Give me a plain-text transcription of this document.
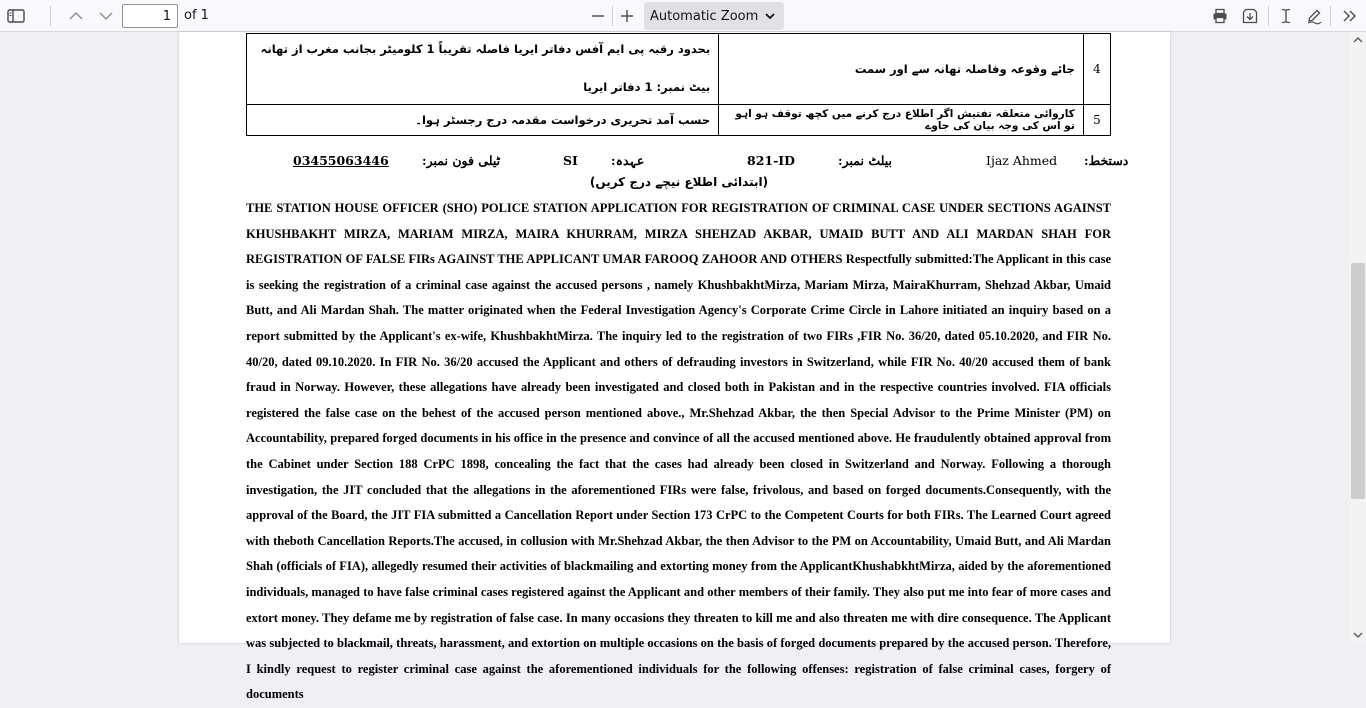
1
of 1	Automatic Zoom
بحدود رقبہ پی ایم آفس دفاتر ایریا فاصلہ تقریباً 1 کلومیٹر بجانب مغرب از تھانہ
بیٹ نمبر: 1 دفاتر ایریا	جائے وقوعہ وفاصلہ تھانہ سے اور سمت	4

حسب آمد تحریری درخواست مقدمہ درج رجسٹر ہوا۔	کاروائی متعلقہ تفتیش اگر اطلاع درج کرنے میں کچھ توقف ہو اہو تو اس کی وجہ بیان کی جاوے	5
دستخط:
Ijaz Ahmed
بیلٹ نمبر:
821-ID
عہدہ:
SI
ٹیلی فون نمبر:
03455063446
(ابتدائی اطلاع نیچے درج کریں)
THE STATION HOUSE OFFICER (SHO) POLICE STATION APPLICATION FOR REGISTRATION OF CRIMINAL CASE UNDER SECTIONS AGAINST KHUSHBAKHT MIRZA, MARIAM MIRZA, MAIRA KHURRAM, MIRZA SHEHZAD AKBAR, UMAID BUTT AND ALI MARDAN SHAH FOR REGISTRATION OF FALSE FIRs AGAINST THE APPLICANT UMAR FAROOQ ZAHOOR AND OTHERS Respectfully submitted:The Applicant in this case is seeking the registration of a criminal case against the accused persons , namely KhushbakhtMirza, Mariam Mirza, MairaKhurram, Shehzad Akbar, Umaid Butt, and Ali Mardan Shah. The matter originated when the Federal Investigation Agency's Corporate Crime Circle in Lahore initiated an inquiry based on a report submitted by the Applicant's ex-wife, KhushbakhtMirza. The inquiry led to the registration of two FIRs ,FIR No. 36/20, dated 05.10.2020, and FIR No. 40/20, dated 09.10.2020. In FIR No. 36/20 accused the Applicant and others of defrauding investors in Switzerland, while FIR No. 40/20 accused them of bank fraud in Norway. However, these allegations have already been investigated and closed both in Pakistan and in the respective countries involved. FIA officials registered the false case on the behest of the accused person mentioned above., Mr.Shehzad Akbar, the then Special Advisor to the Prime Minister (PM) on Accountability, prepared forged documents in his office in the presence and convince of all the accused mentioned above. He fraudulently obtained approval from the Cabinet under Section 188 CrPC 1898, concealing the fact that the cases had already been closed in Switzerland and Norway. Following a thorough investigation, the JIT concluded that the allegations in the aforementioned FIRs were false, frivolous, and based on forged documents.Consequently, with the approval of the Board, the JIT FIA submitted a Cancellation Report under Section 173 CrPC to the Competent Courts for both FIRs. The Learned Court agreed with theboth Cancellation Reports.The accused, in collusion with Mr.Shehzad Akbar, the then Advisor to the PM on Accountability, Umaid Butt, and Ali Mardan Shah (officials of FIA), allegedly resumed their activities of blackmailing and extorting money from the ApplicantKhushabkhtMirza, aided by the aforementioned individuals, managed to have false criminal cases registered against the Applicant and other members of their family. They also put me into fear of more cases and extort money. They defame me by registration of false case. In many occasions they threaten to kill me and also threaten me with dire consequence. The Applicant was subjected to blackmail, threats, harassment, and extortion on multiple occasions on the basis of forged documents prepared by the accused person. Therefore, I kindly request to register criminal case against the aforementioned individuals for the following offenses: registration of false criminal cases, forgery of documents
